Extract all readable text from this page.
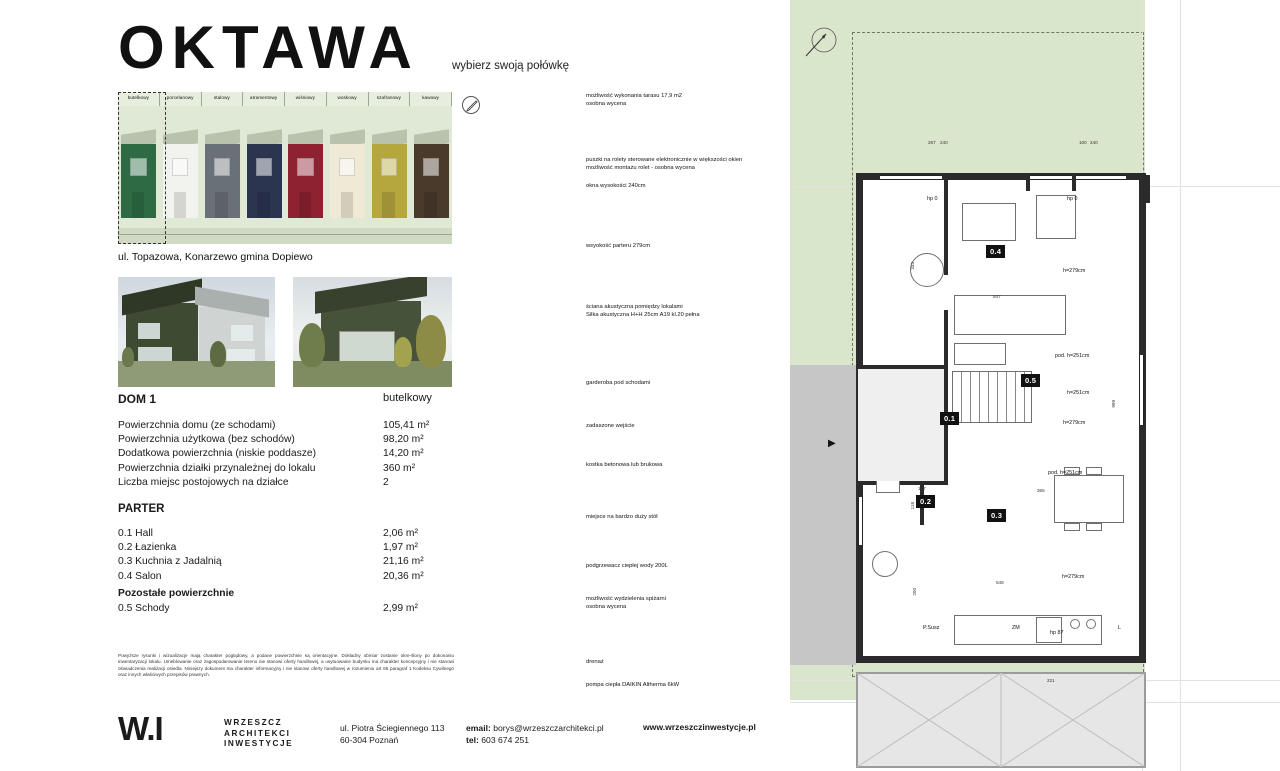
OKTAWA	wybierz swoją połówkę
butelkowy	porcelanowy	stalowy	atramentowy	wiśniowy	woskowy	szafranowy	kawowy
ul. Topazowa, Konarzewo gmina Dopiewo
DOM 1	butelkowy
Powierzchnia domu (ze schodami)	105,41 m²
Powierzchnia użytkowa (bez schodów)	98,20 m²
Dodatkowa powierzchnia (niskie poddasze)	14,20 m²
Powierzchnia działki przynależnej do lokalu	360 m²
Liczba miejsc postojowych na działce	2
PARTER
0.1 Hall	2,06 m²
0.2 Łazienka	1,97 m²
0.3 Kuchnia z Jadalnią	21,16 m²
0.4 Salon	20,36 m²
Pozostałe powierzchnie
0.5 Schody	2,99 m²
Powyższe rysunki i wizualizacje mają charakter poglądowy, a podane powierzchnie są orientacyjne. Dokładny obmiar zostanie okre-ślony po dokonaniu inwentaryzacji lokalu. Umeblowanie oraz zagospodarowanie terenu nie stanowi oferty handlowej, a usytuowanie budynku ma charakter koncepcyjny i nie stanowi oświadczenia realizacji osiedla. Niniejszy dokument ma charakter informacyjny i nie stanowi oferty handlowej w rozumieniu art 66 paragraf 1 Kodeksu Cywilnego oraz innych właściwych przepisów prawnych.
W.I	WRZESZCZ
ARCHITEKCI
INWESTYCJE
ul. Piotra Ściegiennego 113
60-304 Poznań
email: borys@wrzeszczarchitekci.pl
tel: 603 674 251
www.wrzeszczinwestycje.pl
możliwość wykonania tarasu 17,9 m2
osobna wycena
puszki na rolety sterowane elektronicznie w większości okien
możliwość montażu rolet - osobna wycena
okna wysokości 240cm
wsyokość parteru 279cm
ściana akustyczna pomiędzy lokalami
Silka akustyczna H+H 25cm A19 kl.20 pełna
garderoba pod schodami
zadaszone wejście
kostka betonowa lub brukowa
miejsce na bardzo duży stół
podgrzewacz ciepłej wody 200L
możliwość wydzielenia spiżarni
osobna wycena
drenaż
pompa ciepła DAIKIN Altherma 6kW
▶
0.4
0.5
0.1
0.2
0.3
hp 0	hp 0
h=279cm
pod. h=251cm
h=251cm
h=279cm
pod. h=251cm
h=279cm
hp 87
P.Susz	ZM	L
267 240	100 240
333
547
999
167
118
365
200
548
221
